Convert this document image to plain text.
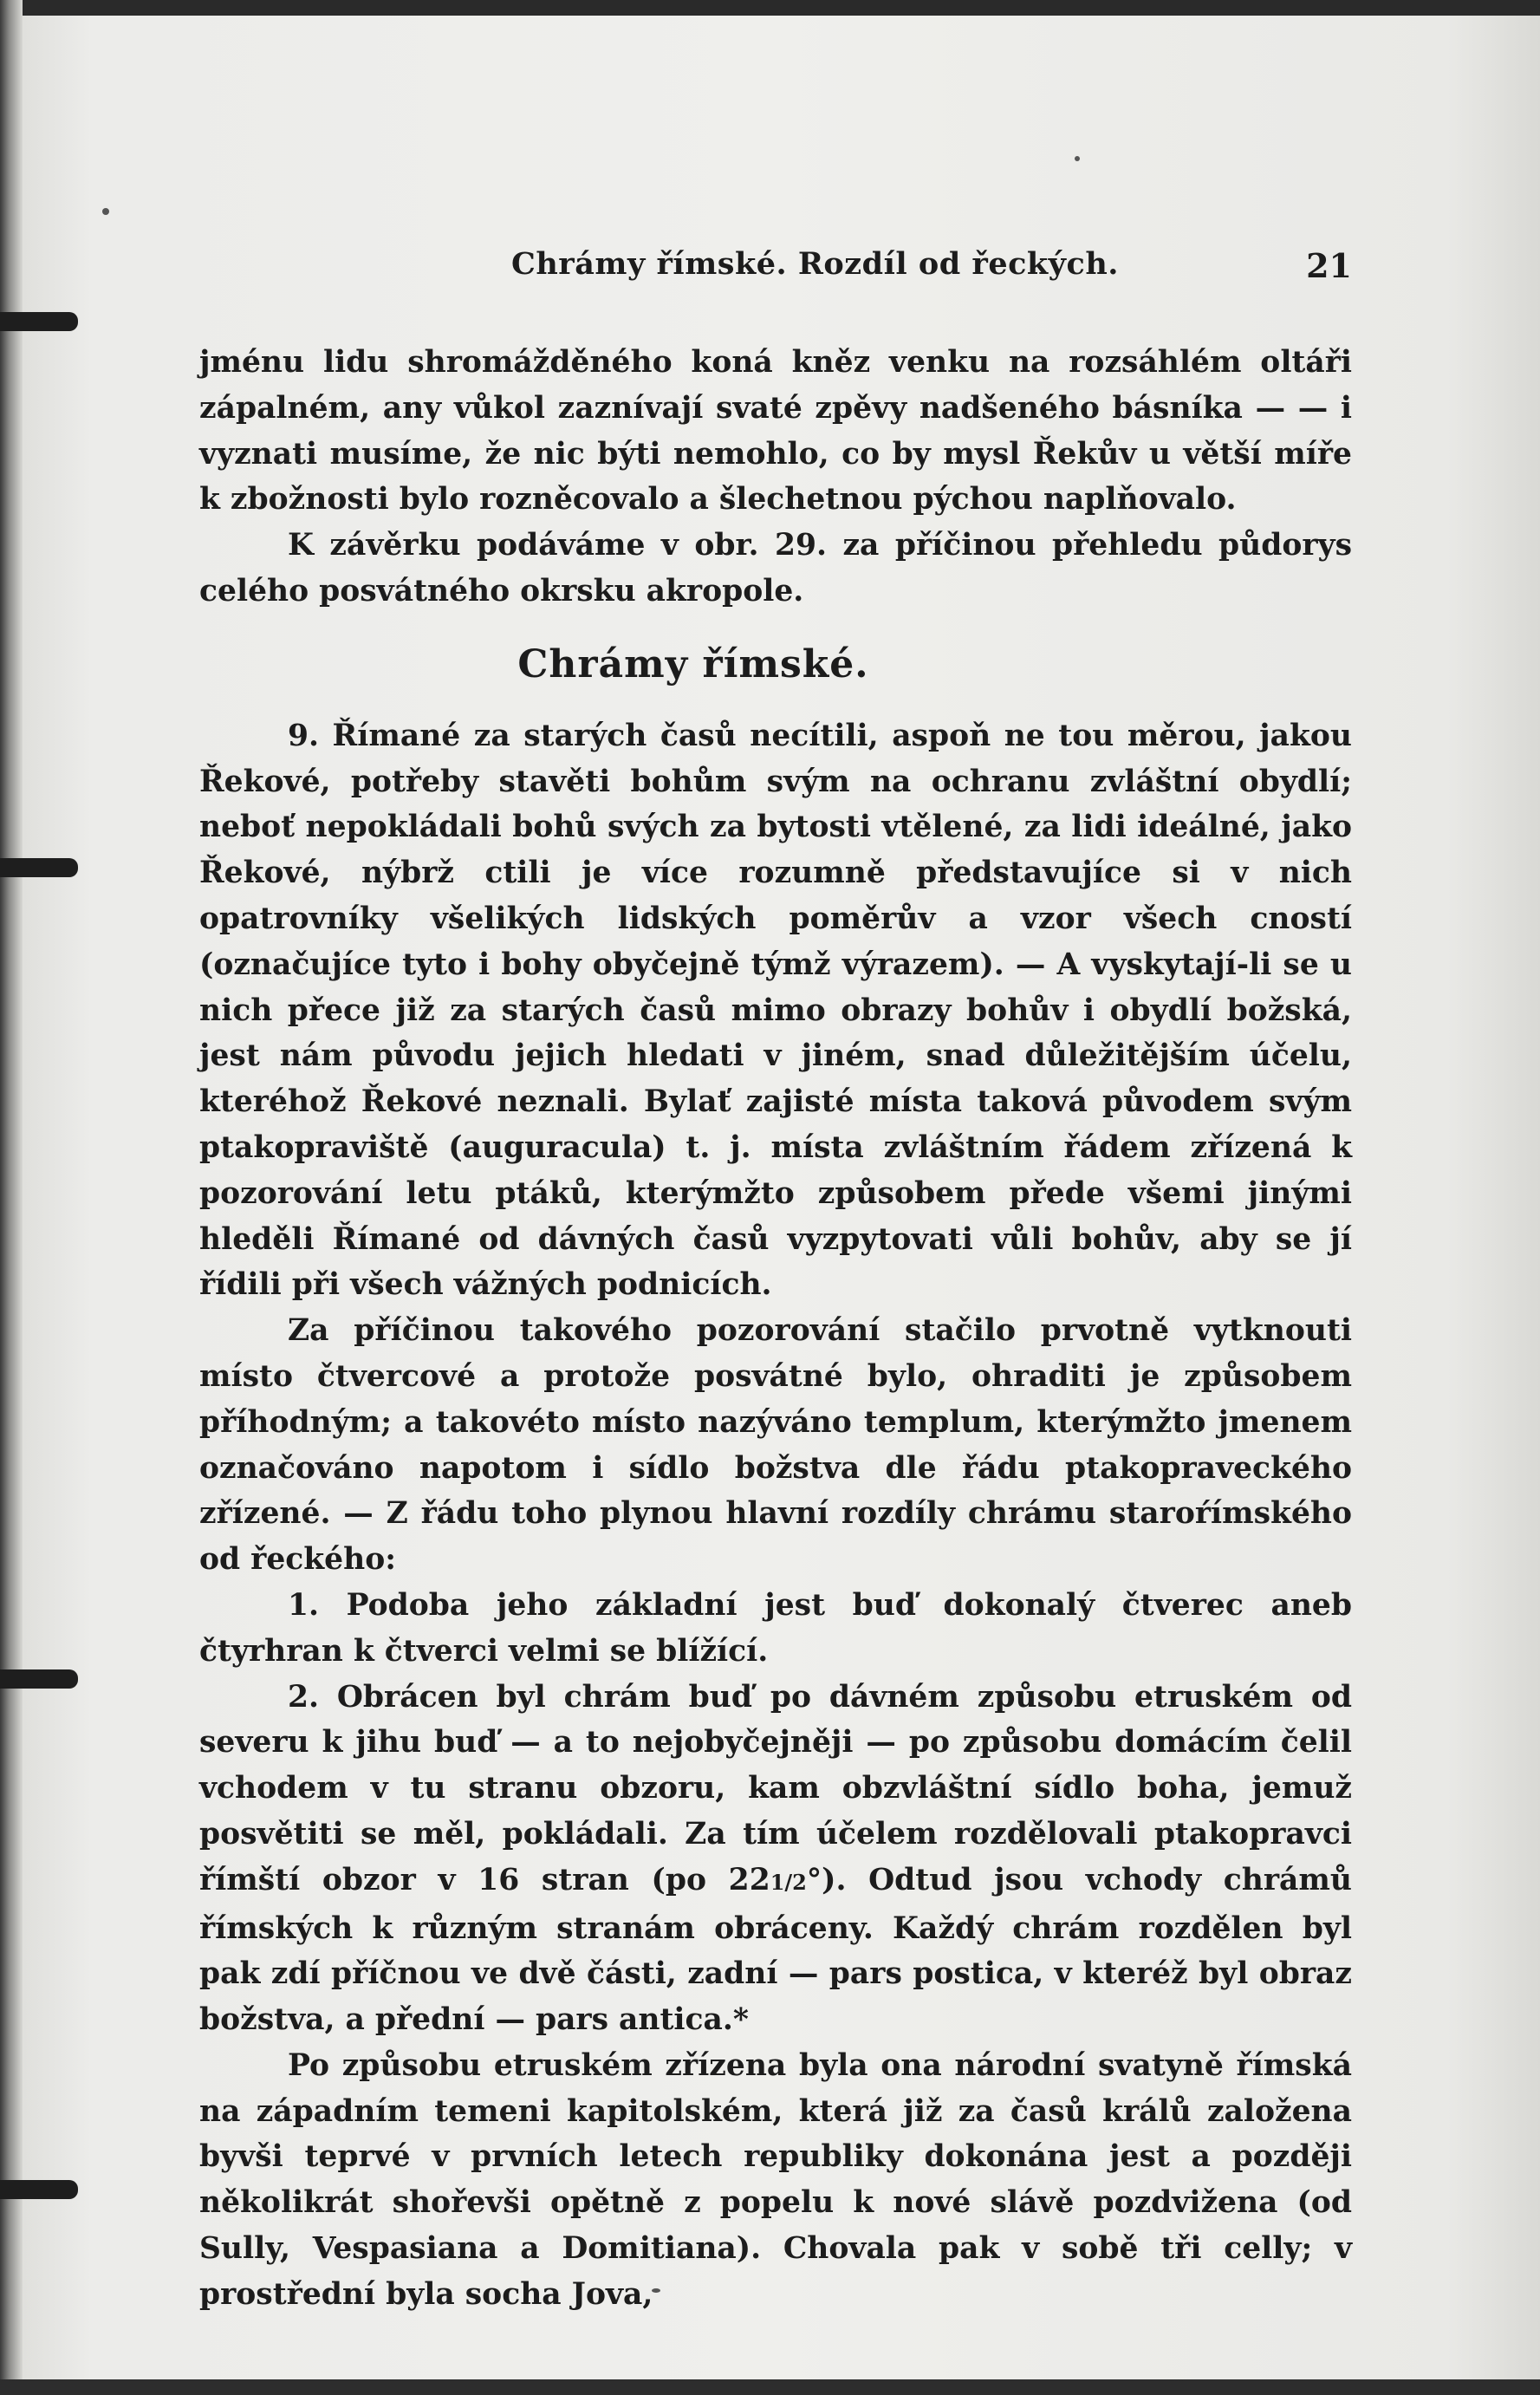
Chrámy římské. Rozdíl od řeckých.	21

jménu lidu shromážděného koná kněz venku na rozsáhlém oltáři zápalném, any vůkol zaznívají svaté zpěvy nadšeného básníka — — i vyznati musíme, že nic býti nemohlo, co by mysl Řekův u větší míře k zbožnosti bylo rozněcovalo a šlechetnou pýchou naplňovalo.

K závěrku podáváme v obr. 29. za příčinou přehledu půdorys celého posvátného okrsku akropole.

Chrámy římské.

9. Římané za starých časů necítili, aspoň ne tou měrou, jakou Řekové, potřeby stavěti bohům svým na ochranu zvláštní obydlí; neboť nepokládali bohů svých za bytosti vtělené, za lidi ideálné, jako Řekové, nýbrž ctili je více rozumně představujíce si v nich opatrovníky všelikých lidských poměrův a vzor všech cností (označujíce tyto i bohy obyčejně týmž výrazem). — A vyskytají-li se u nich přece již za starých časů mimo obrazy bohův i obydlí božská, jest nám původu jejich hledati v jiném, snad důležitějším účelu, kteréhož Řekové neznali. Bylať zajisté místa taková původem svým ptakopraviště (auguracula) t. j. místa zvláštním řádem zřízená k pozorování letu ptáků, kterýmžto způsobem předе všemi jinými hleděli Římané od dávných časů vyzpytovati vůli bohův, aby se jí řídili při všech vážných podnicích.

Za příčinou takového pozorování stačilo prvotně vytknouti místo čtvercové a protože posvátné bylo, ohraditi je způsobem příhodným; a takovéto místo nazýváno templum, kterýmžto jmenem označováno napotom i sídlo božstva dle řádu ptakopraveckého zřízené. — Z řádu toho plynou hlavní rozdíly chrámu staroŕímského od řeckého:

1. Podoba jeho základní jest buď dokonalý čtverec aneb čtyrhran k čtverci velmi se blížící.

2. Obrácen byl chrám buď po dávném způsobu etruském od severu k jihu buď — a to nejobyčejněji — po způsobu domácím čelil vchodem v tu stranu obzoru, kam obzvláštní sídlo boha, jemuž posvětiti se měl, pokládali. Za tím účelem rozdělovali ptakopravci římští obzor v 16 stran (po 221/2°). Odtud jsou vchody chrámů římských k různým stranám obráceny. Každý chrám rozdělen byl pak zdí příčnou ve dvě části, zadní — pars postica, v kteréž byl obraz božstva, a přední — pars antica.*

Po způsobu etruském zřízena byla ona národní svatyně římská na západním temeni kapitolském, která již za časů králů založena byvši teprvé v prvních letech republiky dokonána jest a později několikrát shořevši opětně z popelu k nové slávě pozdvižena (od Sully, Vespasiana a Domitiana). Chovala pak v sobě tři celly; v prostřední byla socha Jova,
